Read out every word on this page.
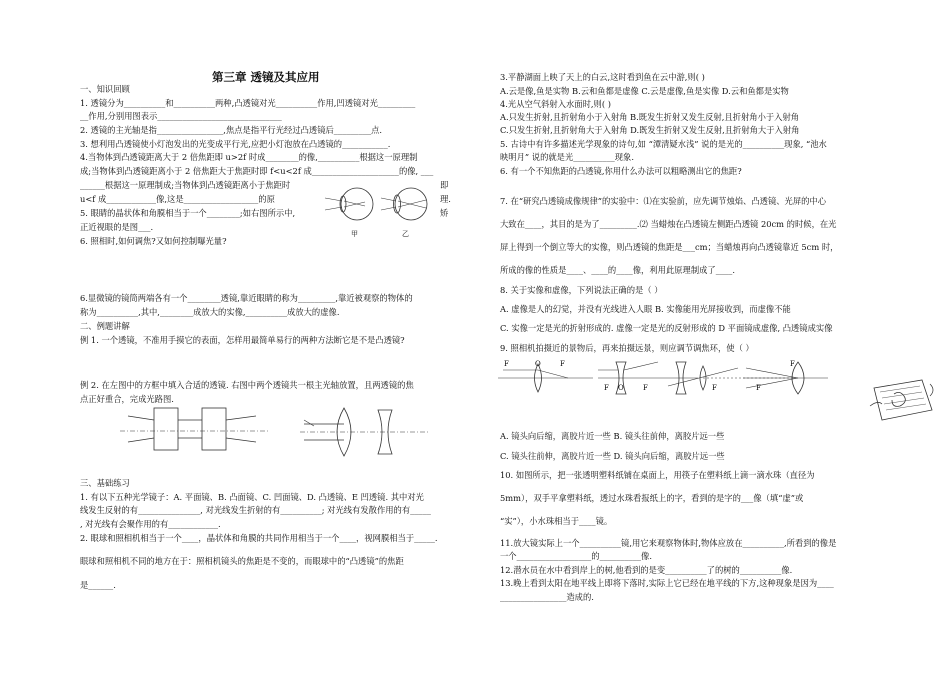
第三章 透镜及其应用
一、知识回顾
1. 透镜分为__________和__________两种,凸透镜对光__________作用,凹透镜对光_________
__作用,分别用图表示______________________________
2. 透镜的主光轴是指________________,焦点是指平行光经过凸透镜后_________点.
3. 想利用凸透镜使小灯泡发出的光变成平行光,应把小灯泡放在凸透镜的___________.
4.当物体到凸透镜距离大于 2 倍焦距即 u>2f 时成________的像,__________根据这一原理制
成;当物体到凸透镜距离小于 2 倍焦距大于焦距时即 f<u<2f 成_____________________的像, ___
______根据这一原理制成;当物体到凸透镜距离小于焦距时	即
u<f 成____________像,这是__________________的原	理.
5. 眼睛的晶状体和角膜相当于一个________;如右图所示中,	矫
正近视眼的是图___.
6. 照相时,如何调焦?又如何控制曝光量?
甲	乙
6.显微镜的镜筒两端各有一个________透镜,靠近眼睛的称为_________,靠近被观察的物体的
称为__________,其中,________成放大的实像,__________成放大的虚像.
二、例题讲解
例 1. 一个透镜，不准用手摸它的表面，怎样用最简单易行的两种方法断它是不是凸透镜?
例 2. 在左图中的方框中填入合适的透镜. 右图中两个透镜共一根主光轴放置，且两透镜的焦
点正好重合，完成光路图.
三、基础练习
1. 有以下五种光学镜子：A. 平面镜、B. 凸面镜、C. 凹面镜、D. 凸透镜、E 凹透镜. 其中对光
线发生反射的有_______________, 对光线发生折射的有__________; 对光线有发散作用的有_____
, 对光线有会聚作用的有____________.
2. 眼球和照相机相当于一个____，晶状体和角膜的共同作用相当于一个____，视网膜相当于_____.
眼球和照相机不同的地方在于：照相机镜头的焦距是不变的，而眼球中的“凸透镜”的焦距
是______.
3.平静湖面上映了天上的白云,这时看到鱼在云中游,则( )
A.云是像,鱼是实物 B.云和鱼都是虚像 C.云是虚像,鱼是实像 D.云和鱼都是实物
4.光从空气斜射入水面时,则( )
A.只发生折射,且折射角小于入射角 B.既发生折射又发生反射,且折射角小于入射角
C.只发生折射,且折射角大于入射角 D.既发生折射又发生反射,且折射角大于入射角
5. 古诗中有许多描述光学现象的诗句,如 “潭清疑水浅” 说的是光的__________现象, “池水
映明月” 说的就是光__________现象.
6. 有一个不知焦距的凸透镜,你用什么办法可以粗略测出它的焦距?
7. 在“研究凸透镜成像规律”的实验中：⑴在实验前，应先调节烛焰、凸透镜、光屏的中心
大致在____，其目的是为了_________.⑵ 当蜡烛在凸透镜左侧距凸透镜 20cm 的时候，在光
屏上得到一个倒立等大的实像，则凸透镜的焦距是___cm；当蜡烛再向凸透镜靠近 5cm 时，
所成的像的性质是____、____的____像，利用此原理制成了____.
8. 关于实像和虚像，下列说法正确的是（ ）
A. 虚像是人的幻觉，并没有光线进入人眼 B. 实像能用光屏接收到，而虚像不能
C. 实像一定是光的折射形成的. 虚像一定是光的反射形成的 D 平面镜成虚像, 凸透镜成实像
9. 照相机拍摄近的景物后，再来拍摄远景，则应调节调焦环，使（ ）
F	F
O
F O	F	F	F
F
A. 镜头向后缩，离胶片近一些 B. 镜头往前伸，离胶片远一些
C. 镜头往前伸，离胶片近一些 D. 镜头向后缩，离胶片远一些
10. 如图所示，把一张透明塑料纸铺在桌面上，用筷子在塑料纸上滴一滴水珠（直径为
5mm），双手平拿塑料纸，透过水珠看报纸上的字，看到的是字的___像（填“虚”或
“实”），小水珠相当于____镜。
11.放大镜实际上一个__________镜,用它来观察物体时,物体应放在__________,所看到的像是
一个__________________的__________像.
12.潜水员在水中看到岸上的树,他看到的是变__________了的树的__________像.
13.晚上看到太阳在地平线上即将下落时,实际上它已经在地平线的下方,这种现象是因为____
________________造成的.
